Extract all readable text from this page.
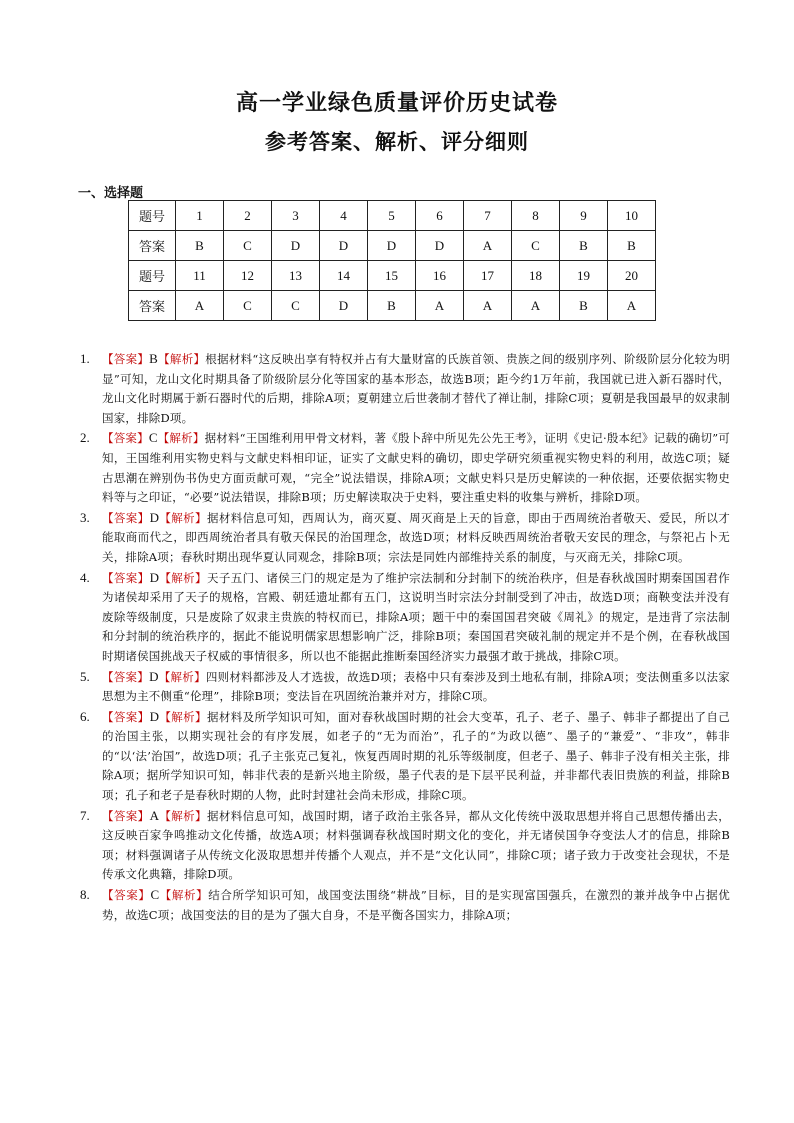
高一学业绿色质量评价历史试卷
参考答案、解析、评分细则
一、选择题
题号	1	2	3	4	5	6	7	8	9	10
答案	B	C	D	D	D	D	A	C	B	B
题号	11	12	13	14	15	16	17	18	19	20
答案	A	C	C	D	B	A	A	A	B	A
1.	【答案】B【解析】根据材料“这反映出享有特权并占有大量财富的氏族首领、贵族之间的级别序列、阶级阶层分化较为明显”可知，龙山文化时期具备了阶级阶层分化等国家的基本形态，故选B项；距今约1万年前，我国就已进入新石器时代，龙山文化时期属于新石器时代的后期，排除A项；夏朝建立后世袭制才替代了禅让制，排除C项；夏朝是我国最早的奴隶制国家，排除D项。
2.	【答案】C【解析】据材料“王国维利用甲骨文材料，著《殷卜辞中所见先公先王考》，证明《史记·殷本纪》记载的确切”可知，王国维利用实物史料与文献史料相印证，证实了文献史料的确切，即史学研究须重视实物史料的利用，故选C项；疑古思潮在辨别伪书伪史方面贡献可观，“完全”说法错误，排除A项；文献史料只是历史解读的一种依据，还要依据实物史料等与之印证，“必要”说法错误，排除B项；历史解读取决于史料，要注重史料的收集与辨析，排除D项。
3.	【答案】D【解析】据材料信息可知，西周认为，商灭夏、周灭商是上天的旨意，即由于西周统治者敬天、爱民，所以才能取商而代之，即西周统治者具有敬天保民的治国理念，故选D项；材料反映西周统治者敬天安民的理念，与祭祀占卜无关，排除A项；春秋时期出现华夏认同观念，排除B项；宗法是同姓内部维持关系的制度，与灭商无关，排除C项。
4.	【答案】D【解析】天子五门、诸侯三门的规定是为了维护宗法制和分封制下的统治秩序，但是春秋战国时期秦国国君作为诸侯却采用了天子的规格，宫殿、朝廷遗址都有五门，这说明当时宗法分封制受到了冲击，故选D项；商鞅变法并没有废除等级制度，只是废除了奴隶主贵族的特权而已，排除A项；题干中的秦国国君突破《周礼》的规定，是违背了宗法制和分封制的统治秩序的，据此不能说明儒家思想影响广泛，排除B项；秦国国君突破礼制的规定并不是个例，在春秋战国时期诸侯国挑战天子权威的事情很多，所以也不能据此推断秦国经济实力最强才敢于挑战，排除C项。
5.	【答案】D【解析】四则材料都涉及人才选拔，故选D项；表格中只有秦涉及到土地私有制，排除A项；变法侧重多以法家思想为主不侧重“伦理”，排除B项；变法旨在巩固统治兼并对方，排除C项。
6.	【答案】D【解析】据材料及所学知识可知，面对春秋战国时期的社会大变革，孔子、老子、墨子、韩非子都提出了自己的治国主张，以期实现社会的有序发展，如老子的“无为而治”，孔子的“为政以德”、墨子的“兼爱”、“非攻”，韩非的“以‘法’治国”，故选D项；孔子主张克己复礼，恢复西周时期的礼乐等级制度，但老子、墨子、韩非子没有相关主张，排除A项；据所学知识可知，韩非代表的是新兴地主阶级，墨子代表的是下层平民利益，并非都代表旧贵族的利益，排除B项；孔子和老子是春秋时期的人物，此时封建社会尚未形成，排除C项。
7.	【答案】A【解析】据材料信息可知，战国时期，诸子政治主张各异，都从文化传统中汲取思想并将自己思想传播出去，这反映百家争鸣推动文化传播，故选A项；材料强调春秋战国时期文化的变化，并无诸侯国争夺变法人才的信息，排除B项；材料强调诸子从传统文化汲取思想并传播个人观点，并不是“文化认同”，排除C项；诸子致力于改变社会现状，不是传承文化典籍，排除D项。
8.	【答案】C【解析】结合所学知识可知，战国变法围绕“耕战”目标，目的是实现富国强兵，在激烈的兼并战争中占据优势，故选C项；战国变法的目的是为了强大自身，不是平衡各国实力，排除A项；
